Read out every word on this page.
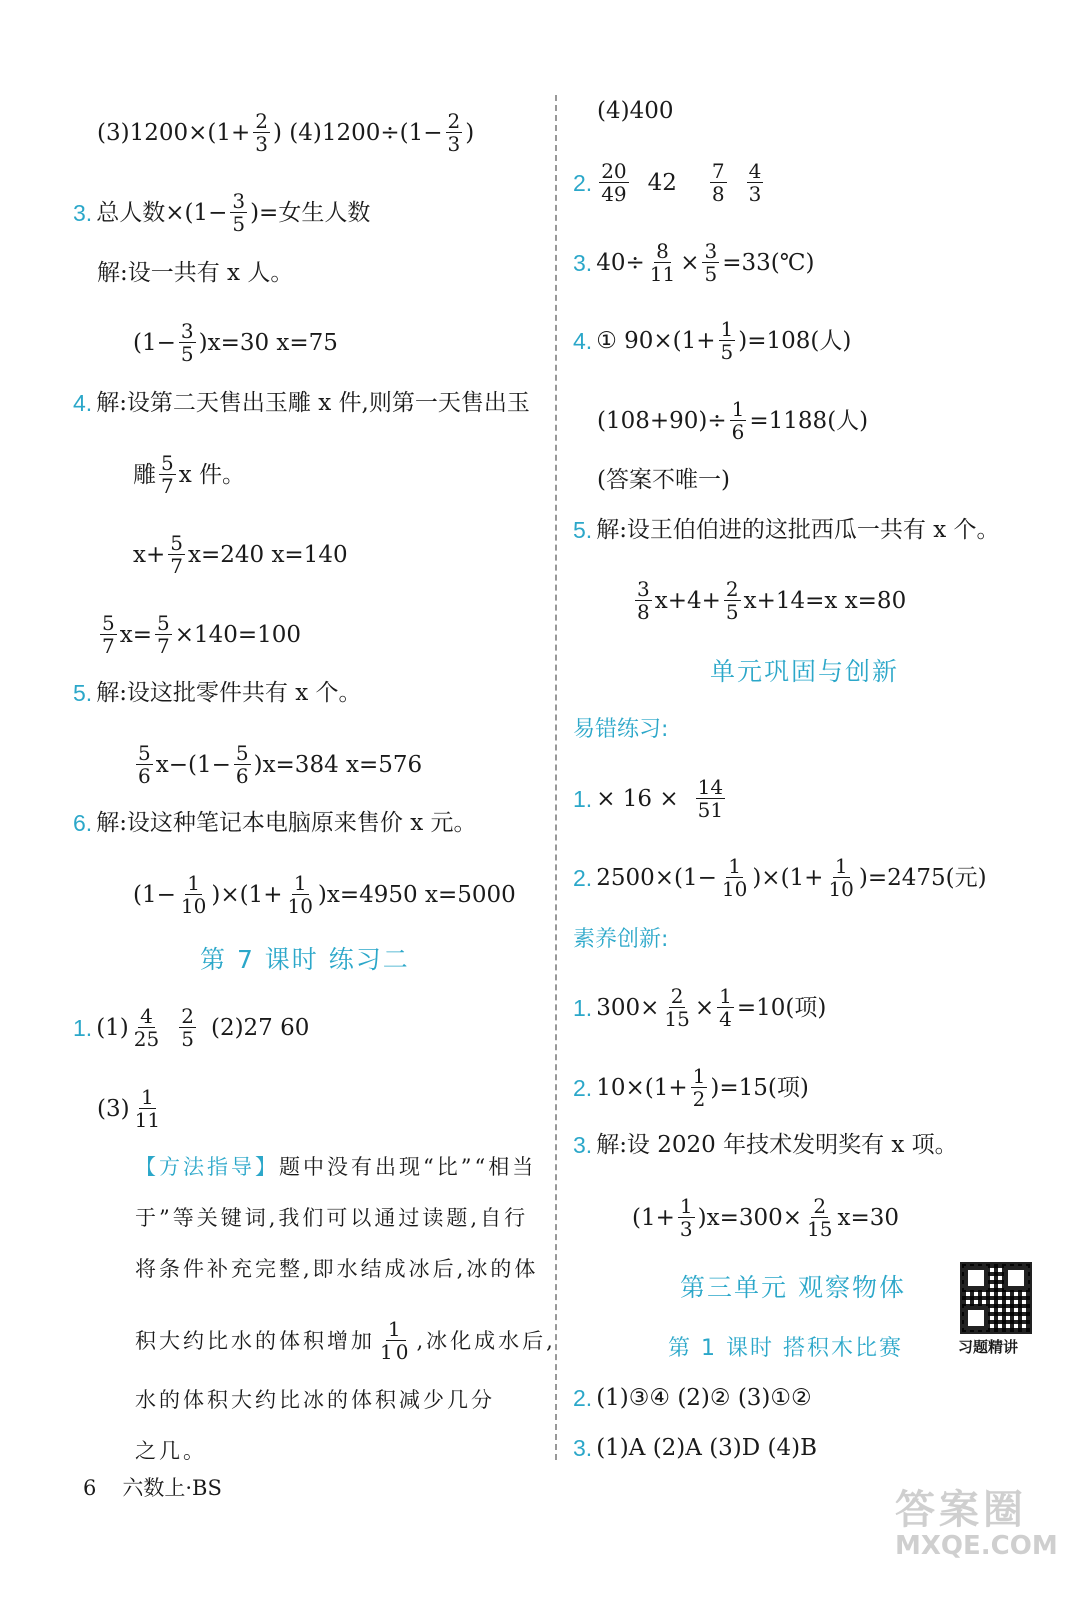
$(3)1200\times(1+ \frac{2}{3}$ ) $(4)1200\div(1- \frac{2}{3}$ )
3. 总人数$\times(1- \frac{3}{5}$ )=女生人数
解:设一共有 x 人。
$(1- \frac{3}{5} )x=30$ x=75
4. 解:设第二天售出玉雕 x 件,则第一天售出玉
雕 5
7 x 件。
$x+ \frac{5}{7} x=240$ x=140
5
7 $x= \frac{5}{7} \times 140=100$
5. 解:设这批零件共有 x 个。
5
6 $x-(1- \frac{5}{6} )x=384$ x=576
6. 解:设这种笔记本电脑原来售价 x 元。
$(1- \frac{1}{10} )\times(1+ \frac{1}{10} )x=4950$ x=5000
第 7 课时 练习二
1. (1) 4
25
2
5 (2)27 60
(3) 1
11
【方法指导】 题中没有出现“比”“相当
于”等关键词,我们可以通过读题,自行
将条件补充完整,即水结成冰后,冰的体
积大约比水的体积增加 1
10 ,冰化成水后,
水的体积大约比冰的体积减少几分
之几。
6 六数上·BS
(4)400
2. 20
49 42 7
8
4
3
3. $40\div \frac{8}{11} \times \frac{3}{5}$ =33(℃)
4. ① $90\times(1+ \frac{1}{5} )=108$(人)
$(108+90)\div \frac{1}{6} =1188$(人)
(答案不唯一)
5. 解:设王伯伯进的这批西瓜一共有 x 个。
3
8 $x+4+ \frac{2}{5} x+14=x$ x=80
单元巩固与创新
易错练习:
1. × 16 × 14
51
2. $2500\times(1- \frac{1}{10} )\times(1+ \frac{1}{10} )=2475$(元)
素养创新:
1. $300\times \frac{2}{15} \times \frac{1}{4} =10$(项)
2. $10\times(1+ \frac{1}{2} )=15$(项)
3. 解:设 2020 年技术发明奖有 x 项。
$(1+ \frac{1}{3} )x=300\times \frac{2}{15} x=30$
第三单元 观察物体
第 1 课时 搭积木比赛	习题精讲
2. (1)③④ (2)② (3)①②
3. (1)A (2)A (3)D (4)B
答案圈
MXQE.COM
